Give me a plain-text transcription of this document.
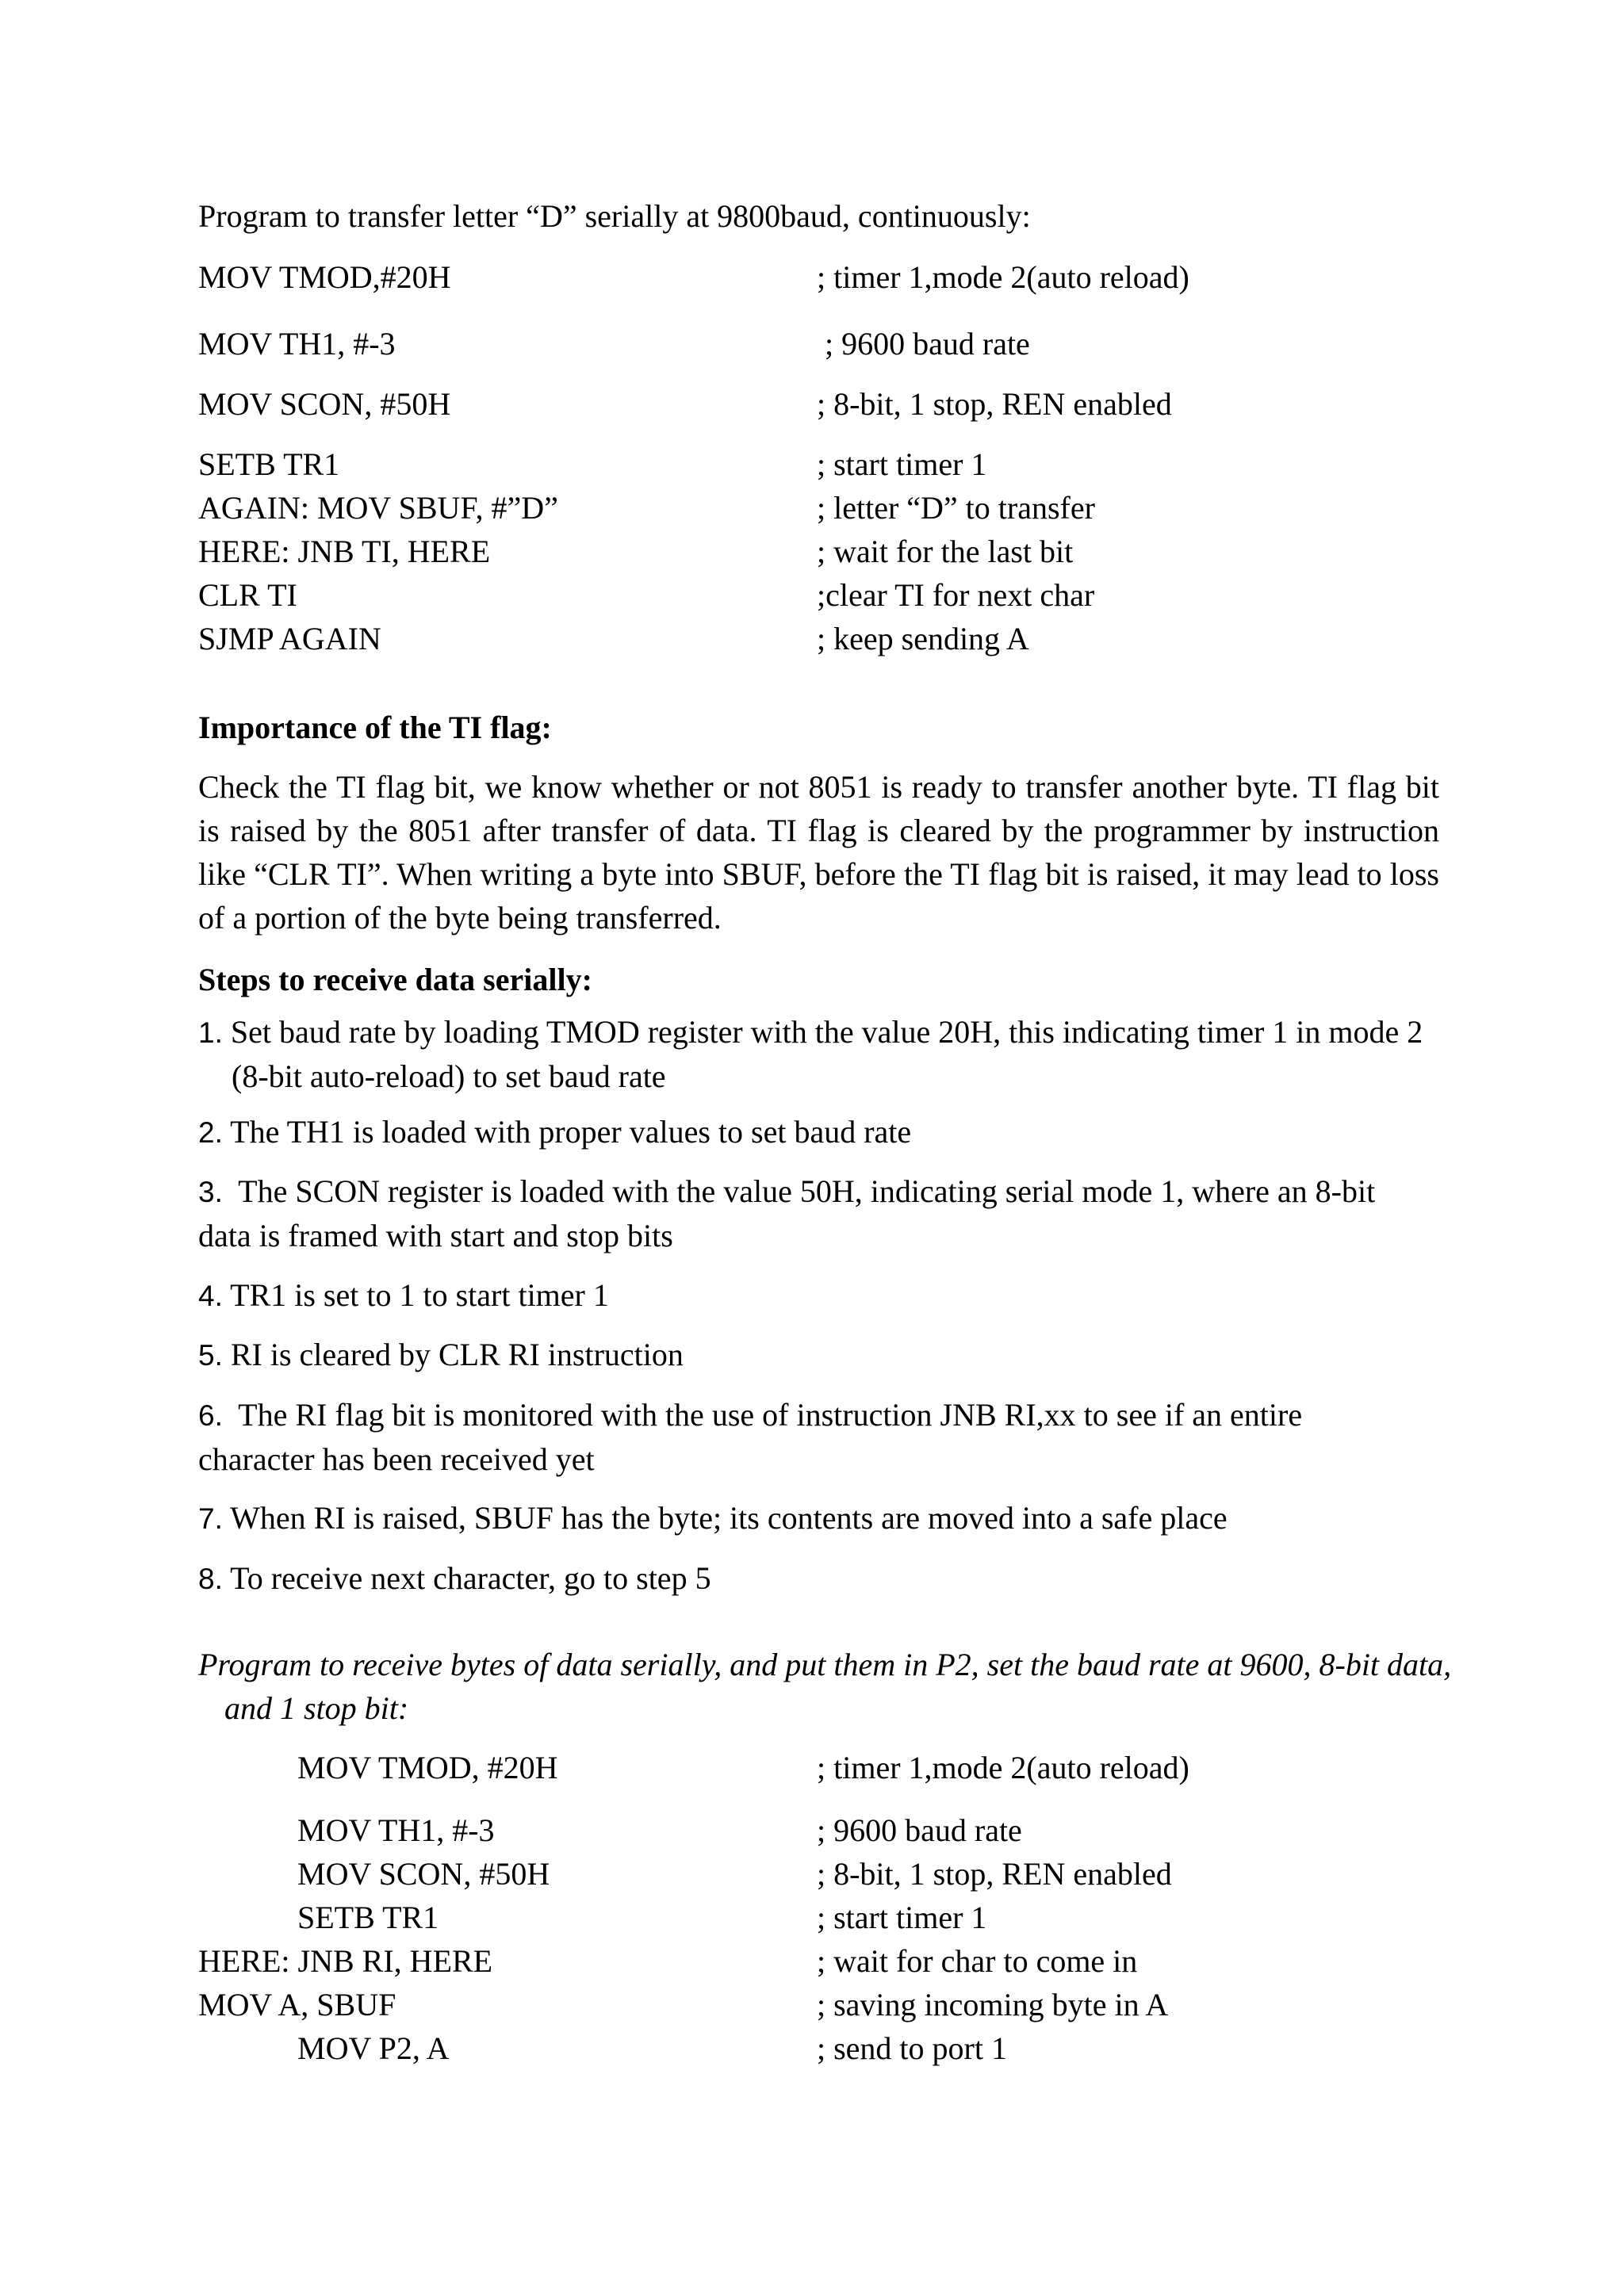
Program to transfer letter “D” serially at 9800baud, continuously:
MOV TMOD,#20H	; timer 1,mode 2(auto reload)
MOV TH1, #-3	; 9600 baud rate
MOV SCON, #50H	; 8-bit, 1 stop, REN enabled
SETB TR1	; start timer 1
AGAIN: MOV SBUF, #”D”	; letter “D” to transfer
HERE: JNB TI, HERE	; wait for the last bit
CLR TI	;clear TI for next char
SJMP AGAIN	; keep sending A
Importance of the TI flag:
Check the TI flag bit, we know whether or not 8051 is ready to transfer another byte. TI flag bit is raised by the 8051 after transfer of data. TI flag is cleared by the programmer by instruction like “CLR TI”. When writing a byte into SBUF, before the TI flag bit is raised, it may lead to loss of a portion of the byte being transferred.
Steps to receive data serially:
1. Set baud rate by loading TMOD register with the value 20H, this indicating timer 1 in mode 2 (8-bit auto-reload) to set baud rate
2. The TH1 is loaded with proper values to set baud rate
3.  The SCON register is loaded with the value 50H, indicating serial mode 1, where an 8-bit data is framed with start and stop bits
4. TR1 is set to 1 to start timer 1
5. RI is cleared by CLR RI instruction
6.  The RI flag bit is monitored with the use of instruction JNB RI,xx to see if an entire character has been received yet
7. When RI is raised, SBUF has the byte; its contents are moved into a safe place
8. To receive next character, go to step 5
Program to receive bytes of data serially, and put them in P2, set the baud rate at 9600, 8-bit data, and 1 stop bit:
MOV TMOD, #20H	; timer 1,mode 2(auto reload)
MOV TH1, #-3	; 9600 baud rate
MOV SCON, #50H	; 8-bit, 1 stop, REN enabled
SETB TR1	; start timer 1
HERE: JNB RI, HERE	; wait for char to come in
MOV A, SBUF	; saving incoming byte in A
MOV P2, A	; send to port 1
